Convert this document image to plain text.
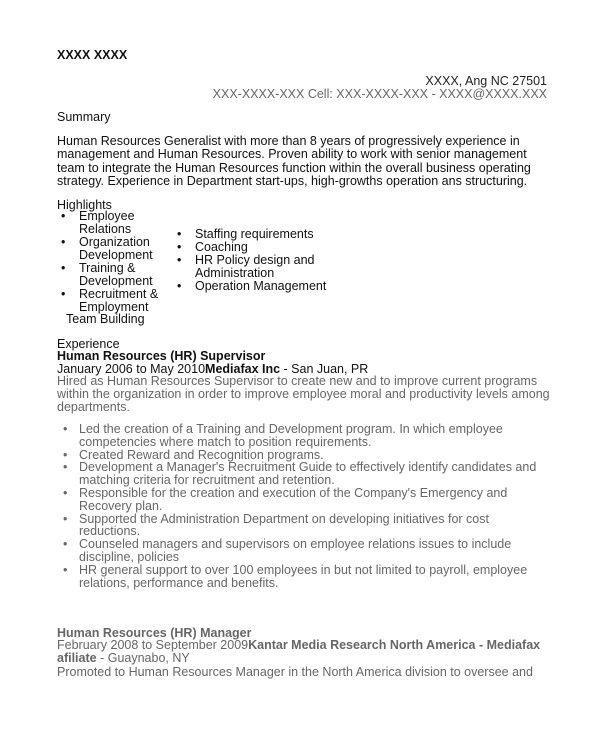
XXXX XXXX
XXXX, Ang NC 27501
XXX-XXXX-XXX Cell: XXX-XXXX-XXX - XXXX@XXXX.XXX
Summary
Human Resources Generalist with more than 8 years of progressively experience in management and Human Resources. Proven ability to work with senior management team to integrate the Human Resources function within the overall business operating strategy. Experience in Department start-ups, high-growths operation ans structuring.
Highlights
• Employee Relations
• Organization Development
• Training & Development
• Recruitment & Employment
• Staffing requirements
• Coaching
• HR Policy design and Administration
• Operation Management
Team Building
Experience
Human Resources (HR) Supervisor
January 2006 to May 2010Mediafax Inc - San Juan, PR
Hired as Human Resources Supervisor to create new and to improve current programs within the organization in order to improve employee moral and productivity levels among departments.
• Led the creation of a Training and Development program. In which employee competencies where match to position requirements.
• Created Reward and Recognition programs.
• Development a Manager's Recruitment Guide to effectively identify candidates and matching criteria for recruitment and retention.
• Responsible for the creation and execution of the Company's Emergency and Recovery plan.
• Supported the Administration Department on developing initiatives for cost reductions.
• Counseled managers and supervisors on employee relations issues to include discipline, policies
• HR general support to over 100 employees in but not limited to payroll, employee relations, performance and benefits.
Human Resources (HR) Manager
February 2008 to September 2009Kantar Media Research North America - Mediafax afiliate - Guaynabo, NY
Promoted to Human Resources Manager in the North America division to oversee and
